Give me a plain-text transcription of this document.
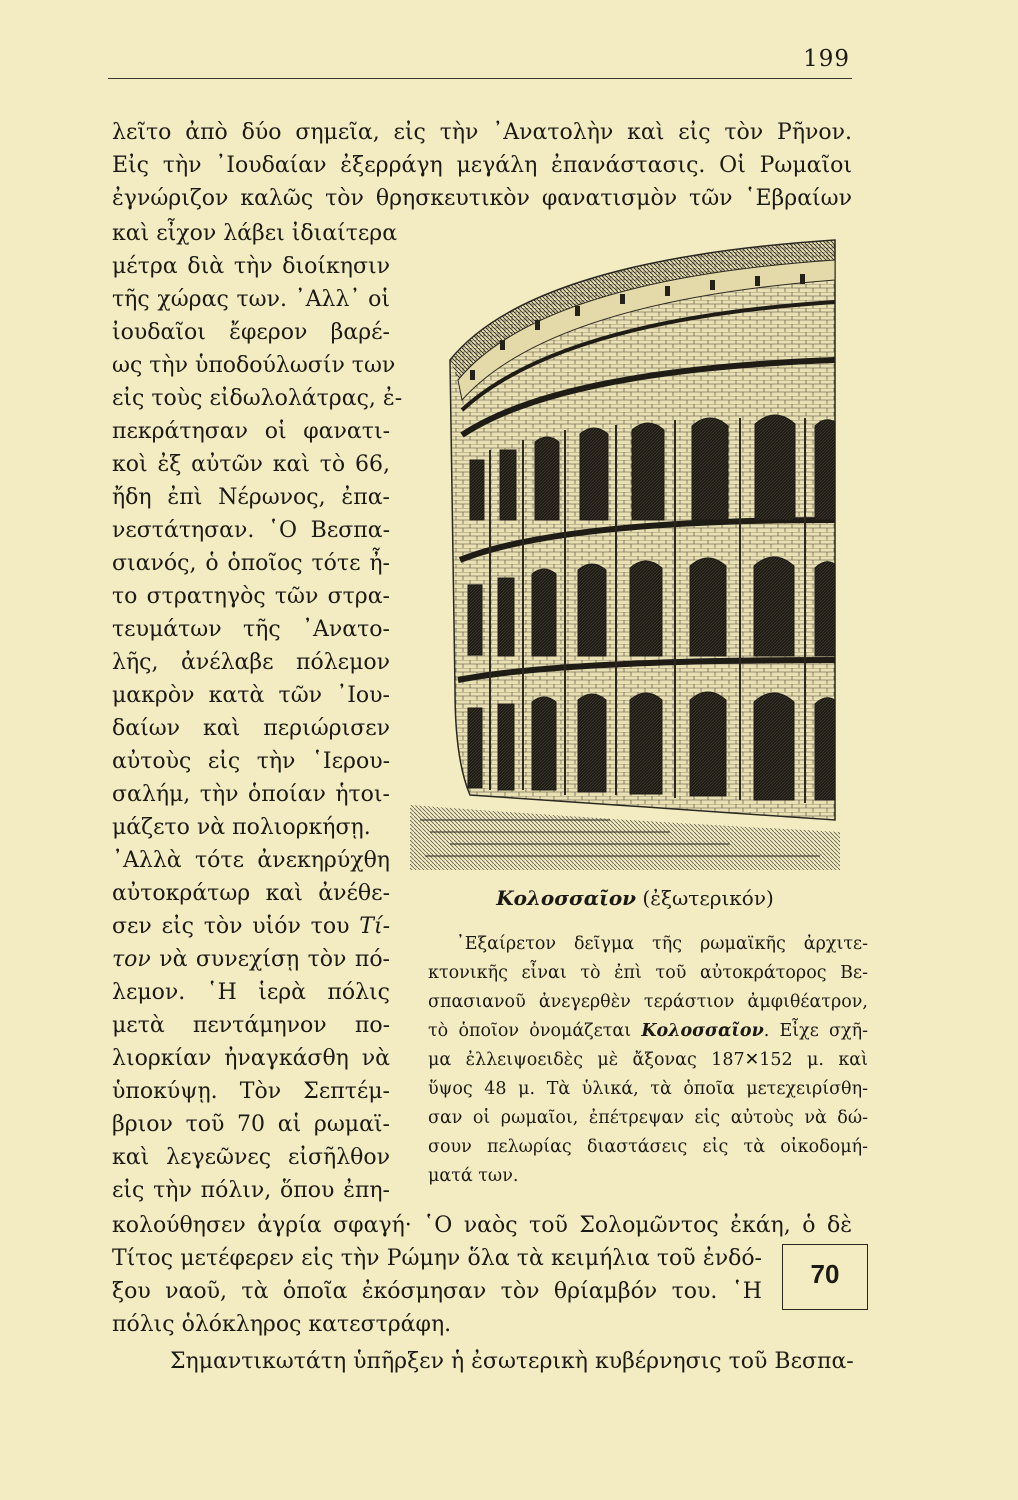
199
λεῖτο ἀπὸ δύο σημεῖα, εἰς τὴν ᾿Ανατολὴν καὶ εἰς τὸν Ρῆνον.
Εἰς τὴν ᾿Ιουδαίαν ἐξερράγη μεγάλη ἐπανάστασις. Οἱ Ρωμαῖοι
ἐγνώριζον καλῶς τὸν θρησκευτικὸν φανατισμὸν τῶν ῾Εβραίων
καὶ εἶχον λάβει ἰδιαίτερα
μέτρα διὰ τὴν διοίκησιν
τῆς χώρας των. ᾿Αλλ᾿ οἱ
ἰουδαῖοι ἔφερον βαρέ-
ως τὴν ὑποδούλωσίν των
εἰς τοὺς εἰδωλολάτρας, ἐ-
πεκράτησαν οἱ φανατι-
κοὶ ἐξ αὐτῶν καὶ τὸ 66,
ἤδη ἐπὶ Νέρωνος, ἐπα-
νεστάτησαν. ῾Ο Βεσπα-
σιανός, ὁ ὁποῖος τότε ἦ-
το στρατηγὸς τῶν στρα-
τευμάτων τῆς ᾿Ανατο-
λῆς, ἀνέλαβε πόλεμον
μακρὸν κατὰ τῶν ᾿Ιου-
δαίων καὶ περιώρισεν
αὐτοὺς εἰς τὴν ῾Ιερου-
σαλήμ, τὴν ὁποίαν ἡτοι-
μάζετο νὰ πολιορκήσῃ.
᾿Αλλὰ τότε ἀνεκηρύχθη
αὐτοκράτωρ καὶ ἀνέθε-
σεν εἰς τὸν υἱόν του Τί-
τον νὰ συνεχίσῃ τὸν πό-
λεμον. ῾Η ἱερὰ πόλις
μετὰ πεντάμηνον πο-
λιορκίαν ἠναγκάσθη νὰ
ὑποκύψῃ. Τὸν Σεπτέμ-
βριον τοῦ 70 αἱ ρωμαϊ-
καὶ λεγεῶνες εἰσῆλθον
εἰς τὴν πόλιν, ὅπου ἐπη-
κολούθησεν ἀγρία σφαγή· ῾Ο ναὸς τοῦ Σολομῶντος ἐκάη, ὁ δὲ
Τίτος μετέφερεν εἰς τὴν Ρώμην ὅλα τὰ κειμήλια τοῦ ἐνδό-
ξου ναοῦ, τὰ ὁποῖα ἐκόσμησαν τὸν θρίαμβόν του. ῾Η
πόλις ὁλόκληρος κατεστράφη.
Σημαντικωτάτη ὑπῆρξεν ἡ ἐσωτερικὴ κυβέρνησις τοῦ Βεσπα-
70
Κολοσσαῖον (ἐξωτερικόν)
᾿Εξαίρετον δεῖγμα τῆς ρωμαϊκῆς ἀρχιτε-
κτονικῆς εἶναι τὸ ἐπὶ τοῦ αὐτοκράτορος Βε-
σπασιανοῦ ἀνεγερθὲν τεράστιον ἀμφιθέατρον,
τὸ ὁποῖον ὀνομάζεται Κολοσσαῖον. Εἶχε σχῆ-
μα ἐλλειψοειδὲς μὲ ἄξονας 187✕152 μ. καὶ
ὕψος 48 μ. Τὰ ὑλικά, τὰ ὁποῖα μετεχειρίσθη-
σαν οἱ ρωμαῖοι, ἐπέτρεψαν εἰς αὐτοὺς νὰ δώ-
σουν πελωρίας διαστάσεις εἰς τὰ οἰκοδομή-
ματά των.
